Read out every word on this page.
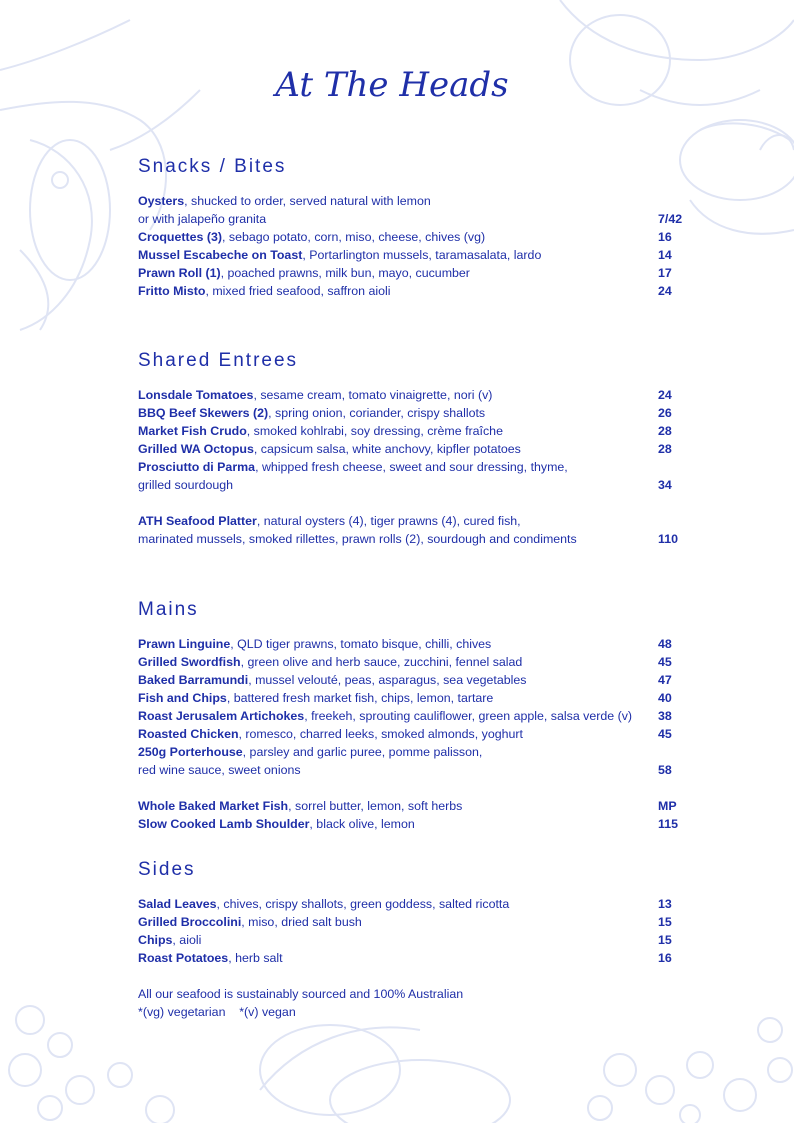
At The Heads
Snacks / Bites
Oysters, shucked to order, served natural with lemon
or with jalapeño granita	7/42
Croquettes (3), sebago potato, corn, miso, cheese, chives (vg)	16
Mussel Escabeche on Toast, Portarlington mussels, taramasalata, lardo	14
Prawn Roll (1), poached prawns, milk bun, mayo, cucumber	17
Fritto Misto, mixed fried seafood, saffron aioli	24
Shared Entrees
Lonsdale Tomatoes, sesame cream, tomato vinaigrette, nori (v)	24
BBQ Beef Skewers (2), spring onion, coriander, crispy shallots	26
Market Fish Crudo, smoked kohlrabi, soy dressing, crème fraîche	28
Grilled WA Octopus, capsicum salsa, white anchovy, kipfler potatoes	28
Prosciutto di Parma, whipped fresh cheese, sweet and sour dressing, thyme,
grilled sourdough	34
ATH Seafood Platter, natural oysters (4), tiger prawns (4), cured fish,
marinated mussels, smoked rillettes, prawn rolls (2), sourdough and condiments	110
Mains
Prawn Linguine, QLD tiger prawns, tomato bisque, chilli, chives	48
Grilled Swordfish, green olive and herb sauce, zucchini, fennel salad	45
Baked Barramundi, mussel velouté, peas, asparagus, sea vegetables	47
Fish and Chips, battered fresh market fish, chips, lemon, tartare	40
Roast Jerusalem Artichokes, freekeh, sprouting cauliflower, green apple, salsa verde (v)	38
Roasted Chicken, romesco, charred leeks, smoked almonds, yoghurt	45
250g Porterhouse, parsley and garlic puree, pomme palisson,
red wine sauce, sweet onions	58
Whole Baked Market Fish, sorrel butter, lemon, soft herbs	MP
Slow Cooked Lamb Shoulder, black olive, lemon	115
Sides
Salad Leaves, chives, crispy shallots, green goddess, salted ricotta	13
Grilled Broccolini, miso, dried salt bush	15
Chips, aioli	15
Roast Potatoes, herb salt	16
All our seafood is sustainably sourced and 100% Australian
*(vg) vegetarian    *(v) vegan
